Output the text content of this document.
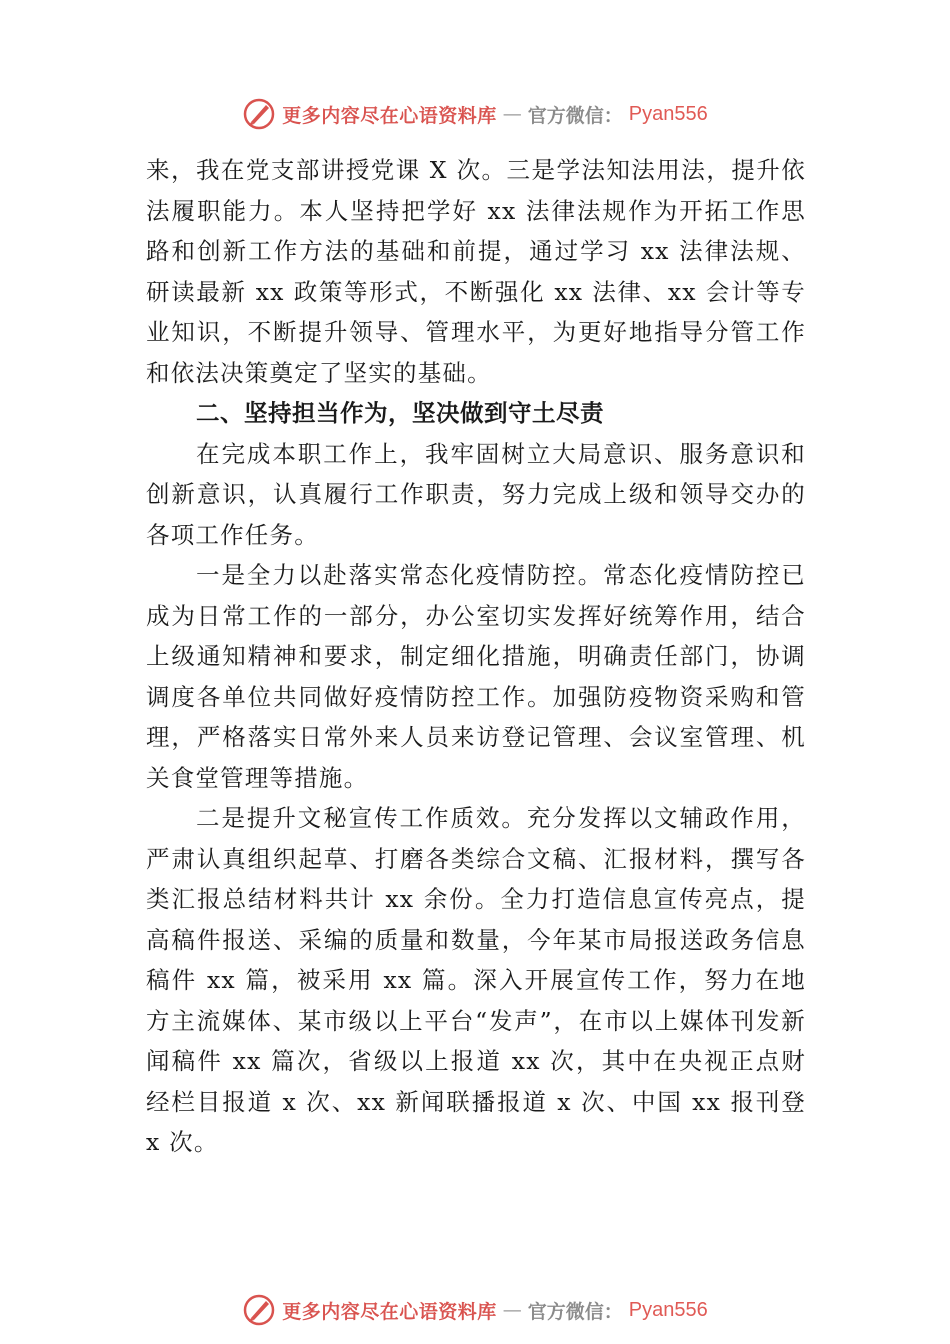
更多内容尽在心语资料库 — 官方微信： Pyan556

来，我在党支部讲授党课 X 次。三是学法知法用法，提升依法履职能力。本人坚持把学好 xx 法律法规作为开拓工作思路和创新工作方法的基础和前提，通过学习 xx 法律法规、研读最新 xx 政策等形式，不断强化 xx 法律、xx 会计等专业知识，不断提升领导、管理水平，为更好地指导分管工作和依法决策奠定了坚实的基础。

二、坚持担当作为，坚决做到守土尽责

在完成本职工作上，我牢固树立大局意识、服务意识和创新意识，认真履行工作职责，努力完成上级和领导交办的各项工作任务。

一是全力以赴落实常态化疫情防控。常态化疫情防控已成为日常工作的一部分，办公室切实发挥好统筹作用，结合上级通知精神和要求，制定细化措施，明确责任部门，协调调度各单位共同做好疫情防控工作。加强防疫物资采购和管理，严格落实日常外来人员来访登记管理、会议室管理、机关食堂管理等措施。

二是提升文秘宣传工作质效。充分发挥以文辅政作用，严肃认真组织起草、打磨各类综合文稿、汇报材料，撰写各类汇报总结材料共计 xx 余份。全力打造信息宣传亮点，提高稿件报送、采编的质量和数量，今年某市局报送政务信息稿件 xx 篇，被采用 xx 篇。深入开展宣传工作，努力在地方主流媒体、某市级以上平台“发声”，在市以上媒体刊发新闻稿件 xx 篇次，省级以上报道 xx 次，其中在央视正点财经栏目报道 x 次、xx 新闻联播报道 x 次、中国 xx 报刊登 x 次。

更多内容尽在心语资料库 — 官方微信： Pyan556
